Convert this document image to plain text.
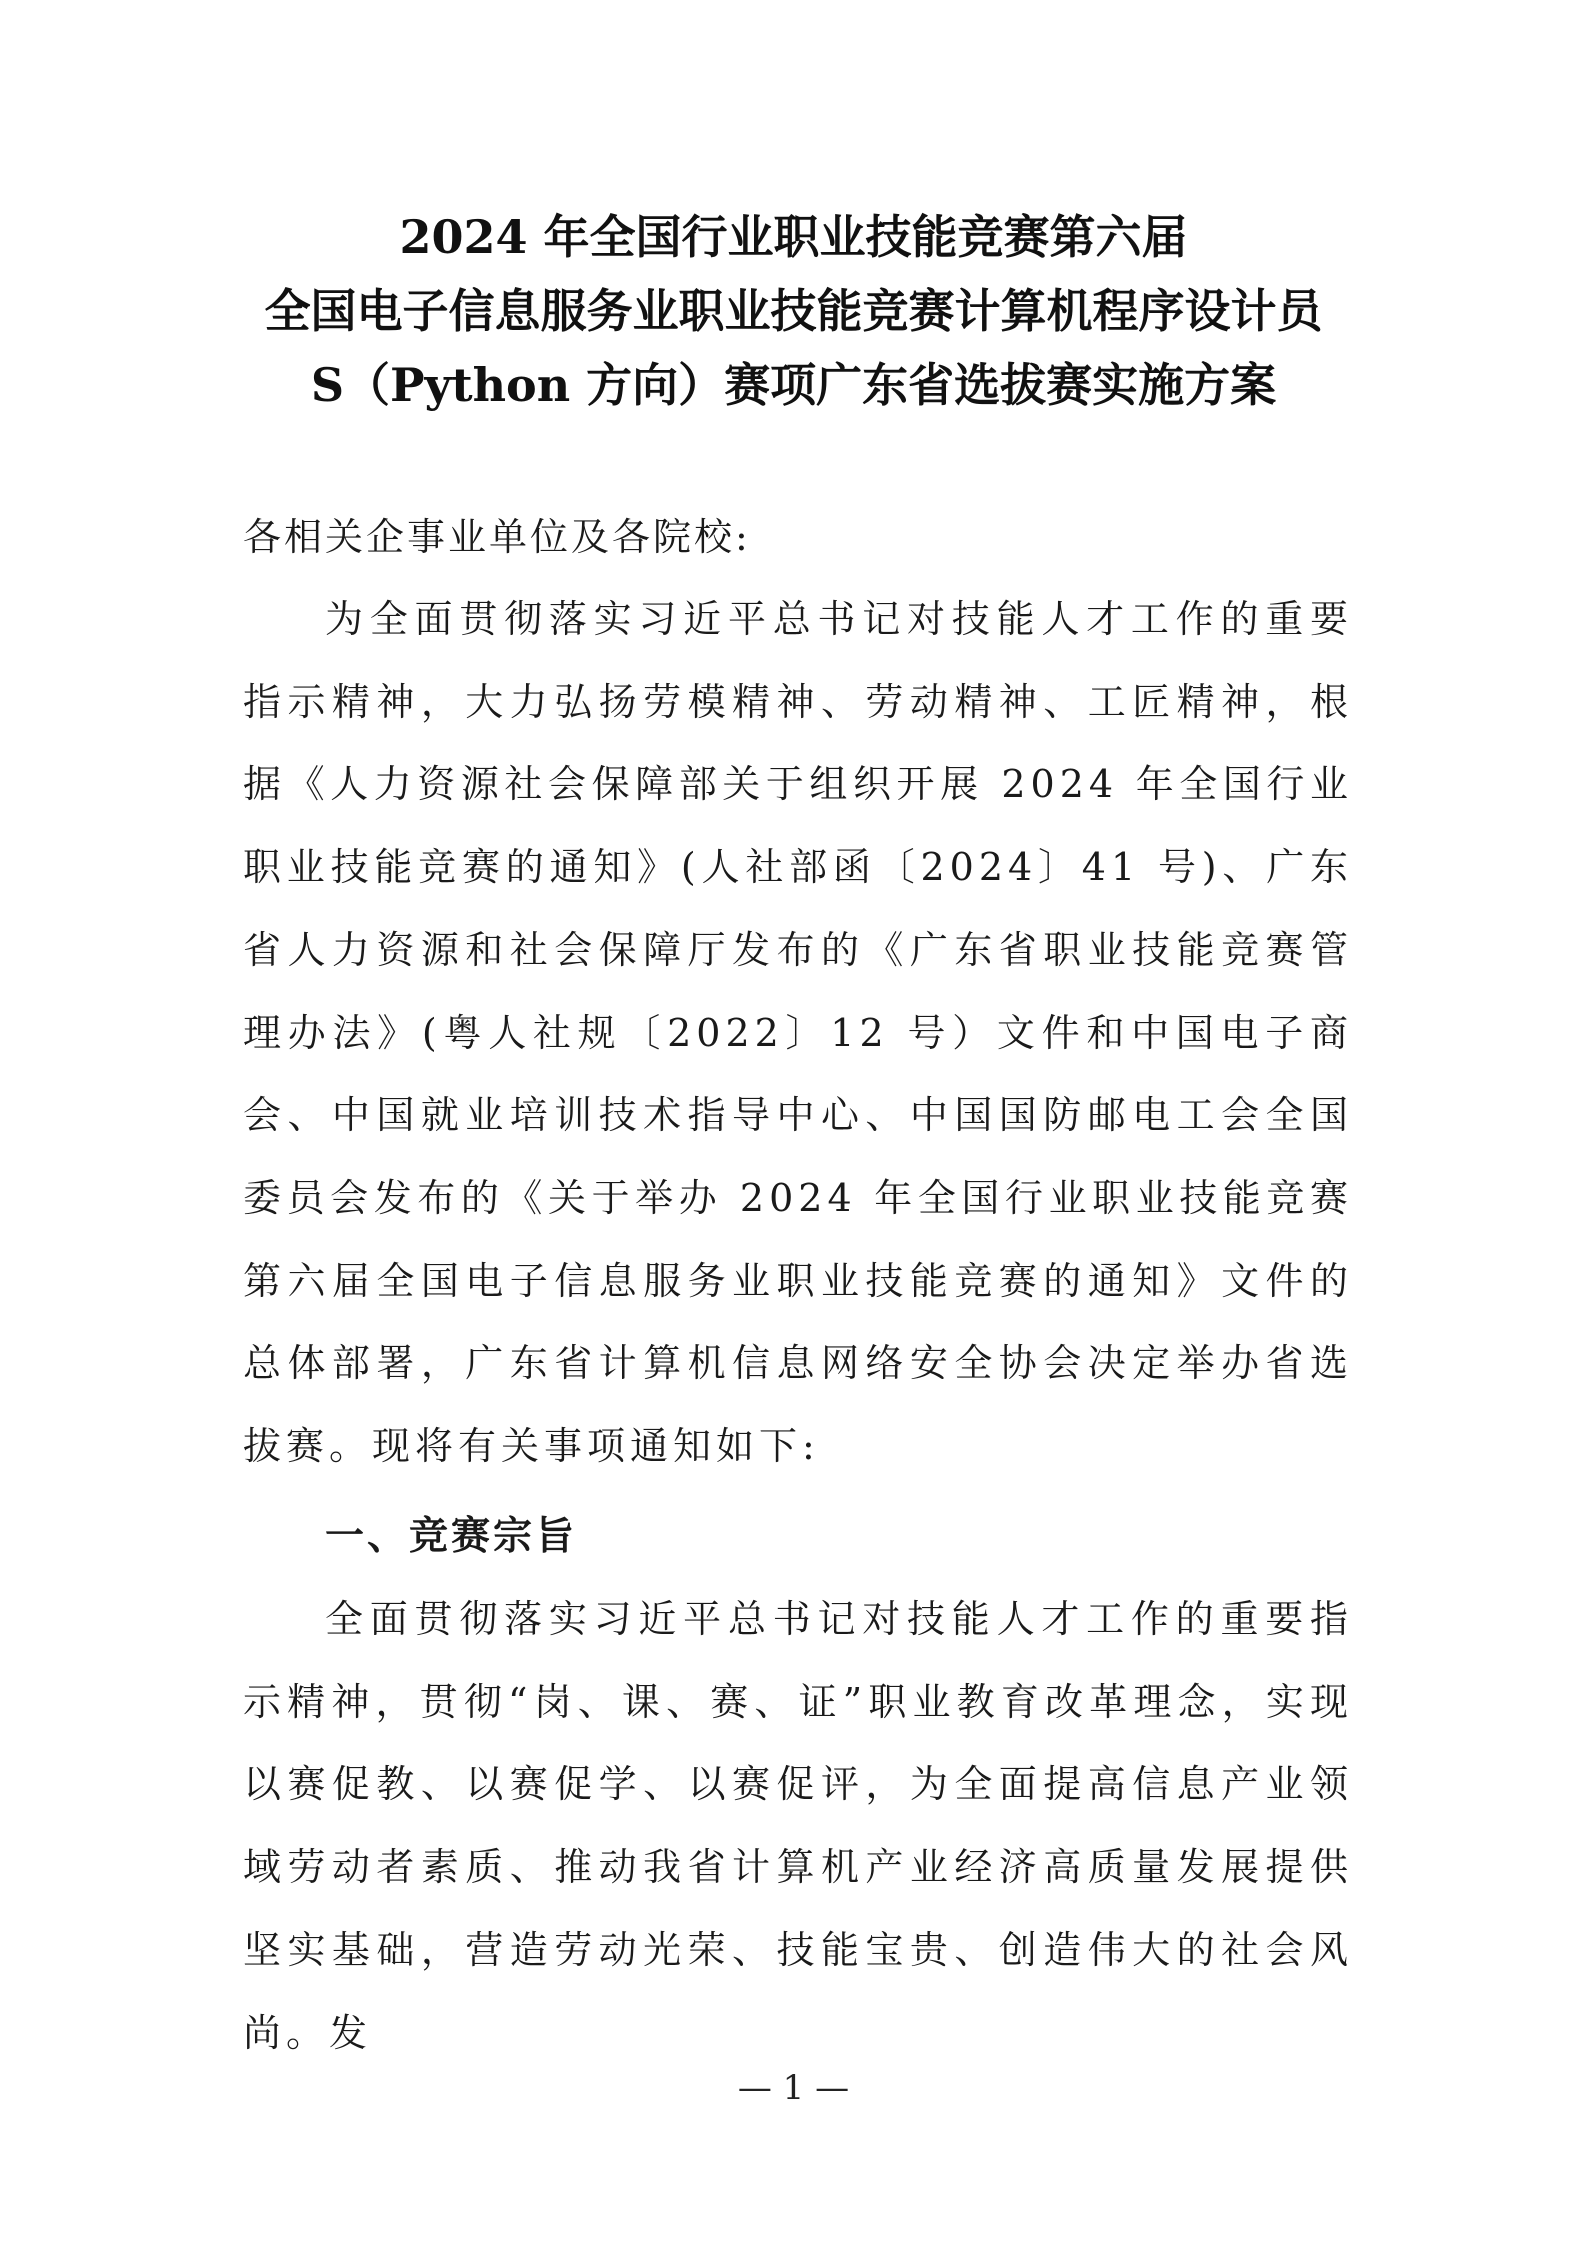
2024 年全国行业职业技能竞赛第六届
全国电子信息服务业职业技能竞赛计算机程序设计员
S（Python 方向）赛项广东省选拔赛实施方案
各相关企事业单位及各院校:
为全面贯彻落实习近平总书记对技能人才工作的重要指示精神，大力弘扬劳模精神、劳动精神、工匠精神，根据《人力资源社会保障部关于组织开展 2024 年全国行业职业技能竞赛的通知》(人社部函〔2024〕41 号)、广东省人力资源和社会保障厅发布的《广东省职业技能竞赛管理办法》(粤人社规〔2022〕12 号）文件和中国电子商会、中国就业培训技术指导中心、中国国防邮电工会全国委员会发布的《关于举办 2024 年全国行业职业技能竞赛第六届全国电子信息服务业职业技能竞赛的通知》文件的总体部署，广东省计算机信息网络安全协会决定举办省选拔赛。现将有关事项通知如下:
一、竞赛宗旨
全面贯彻落实习近平总书记对技能人才工作的重要指示精神，贯彻“岗、课、赛、证”职业教育改革理念，实现以赛促教、以赛促学、以赛促评，为全面提高信息产业领域劳动者素质、推动我省计算机产业经济高质量发展提供坚实基础，营造劳动光荣、技能宝贵、创造伟大的社会风尚。发
— 1 —
